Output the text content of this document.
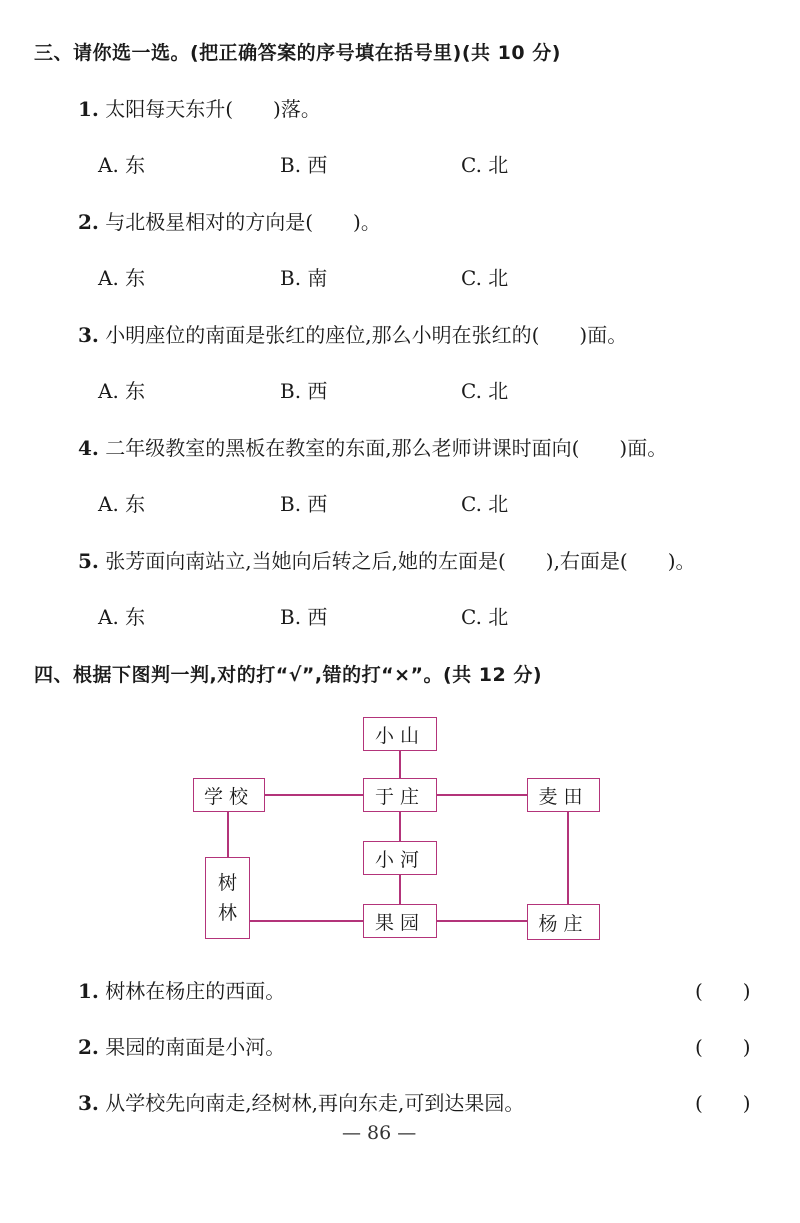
三、请你选一选。(把正确答案的序号填在括号里)(共 10 分)
1. 太阳每天东升(　　)落。
A. 东	B. 西	C. 北
2. 与北极星相对的方向是(　　)。
A. 东	B. 南	C. 北
3. 小明座位的南面是张红的座位,那么小明在张红的(　　)面。
A. 东	B. 西	C. 北
4. 二年级教室的黑板在教室的东面,那么老师讲课时面向(　　)面。
A. 东	B. 西	C. 北
5. 张芳面向南站立,当她向后转之后,她的左面是(　　),右面是(　　)。
A. 东	B. 西	C. 北
四、根据下图判一判,对的打“√”,错的打“×”。(共 12 分)
小山
学校	于庄	麦田
小河
树
林	果园	杨庄
1. 树林在杨庄的西面。	(　　)
2. 果园的南面是小河。	(　　)
3. 从学校先向南走,经树林,再向东走,可到达果园。	(　　)
— 86 —
